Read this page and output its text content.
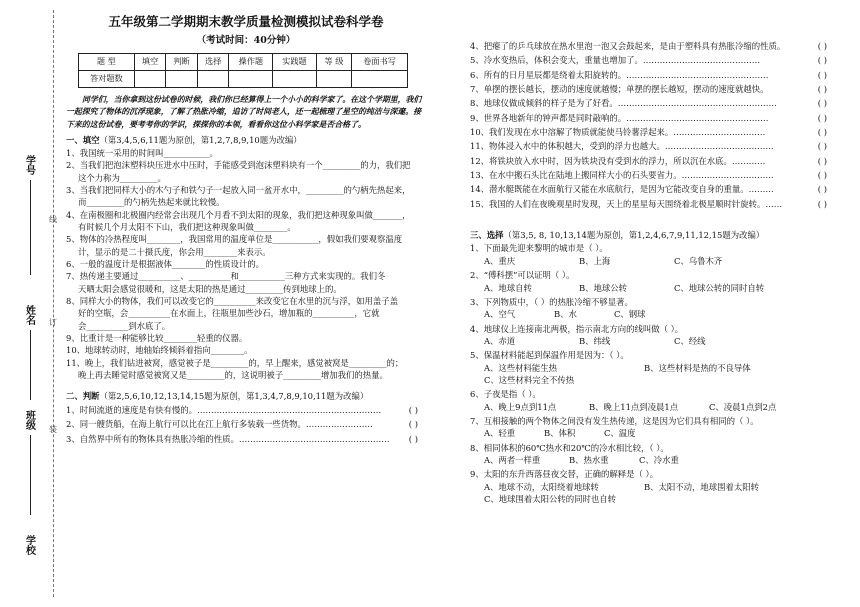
学号
姓名
班级
学校
线
订
装
五年级第二学期期末教学质量检测模拟试卷科学卷
（考试时间：40分钟）
题 型	填空	判断	选择	操作题	实践题	等 级	卷面书写
答对题数							
同学们，当你拿到这份试卷的时候，我们你已经算得上一个小小的科学家了。在这个学期里，我们一起探究了物体的沉浮现象，了解了热胀冷缩，追访了时间老人，还一起梳理了星空的纯洁与深邃。接下来的这份试卷，要考考你的学识，探探你的本领，看看你这位小科学家是否合格了。
一、填空（第3,4,5,6,11题为原创，第1,2,7,8,9,10题为改编）
1、我国统一采用的时间叫___________。
2、当我们把泡沫塑料块压进水中压时，手能感受到泡沫塑料块有一个_________的力，我们把
这个力称为_________。
3、当我们把同样大小的木勺子和铁勺子一起放入同一盆开水中，_________的勺柄先热起来，
而_________的勺柄先热起来就比较慢。
4、在南极圈和北极圈内经常会出现几个月看不到太阳的现象，我们把这种现象叫做_______，
有时候几个月太阳不下山，我们把这种现象叫做________。
5、物体的冷热程度叫________，我国常用的温度单位是___________，假如我们要观察温度
计，显示的是二十摄氏度，你会用________来表示。
6、一般的温度计是根据液体________的性质设计的。
7、热传递主要通过__________、__________和___________三种方式来实现的。我们冬
天晒太阳会感觉很暖和，这是太阳的热是通过_________传到地球上的。
8、同样大小的物体，我们可以改变它的__________来改变它在水里的沉与浮，如用盖子盖
好的空瓶，会__________在水面上，往瓶里加些沙石，增加瓶的__________，它就
会__________到水底了。
9、比重计是一种能够比较________轻重的仪器。
10、地球转动时，地轴始终倾斜着指向________。
11、晚上，我们钻进被窝，感觉被子是_________的，早上醒来，感觉被窝是_________的；
晚上再去睡觉时感觉被窝又是_________的，这说明被子_________增加我们的热量。
二、判断（第2,5,6,10,12,13,14,15题为原创，第1,3,4,7,8,9,10,11题为改编）
1、时间流逝的速度是有快有慢的。…………………………………………………………	( )
2、同一艘货船，在海上航行可以比在江上航行多装载一些货物。……………………	( )
3、自然界中所有的物体具有热胀冷缩的性质。……………………………………………… ( )
4、把瘪了的乒乓球放在热水里泡一泡又会鼓起来，是由于塑料具有热胀冷缩的性质。	( )
5、冷水变热后，体积会变大，重量也增加了。……………………………………	( )
6、所有的日月星辰都是绕着太阳旋转的。……………………………………………	( )
7、单摆的摆长越长，摆动的速度就越慢；单摆的摆长越短，摆动的速度就越快。	( )
8、地球仪做成倾斜的样子是为了好看。…………………………………………………	( )
9、世界各地新年的钟声都是同时敲响的。……………………………………………	( )
10、我们发现在水中溶解了物质就能使马铃薯浮起来。……………………………	( )
11、物体浸入水中的体积越大，受到的浮力也越大。…………………………………	( )
12、将铁块放入水中时，因为铁块没有受到水的浮力，所以沉在水底。…………	( )
13、在水中搬石头比在陆地上搬同样大小的石头要省力。……………………………	( )
14、潜水艇既能在水面航行又能在水底航行，是因为它能改变自身的重量。………	( )
15、我国的人们在夜晚观星时发现，天上的星星每天围绕着北极星顺时针旋转。……	( )
三、选择（第3,5, 8, 10,13,14题为原创，第1,2,4,6,7,9,11,12,15题为改编）
1、下面最先迎来黎明的城市是（ ）。
A、重庆	B、上海	C、乌鲁木齐
2、“傅科摆”可以证明（ ）。
A、地球自转	B、地球公转	C、地球公转的同时自转
3、下列物质中，（ ）的热胀冷缩不够显著。
A、空气	B、水	C、钢球
4、地球仪上连接南北两极，指示南北方向的线叫做（ ）。
A、赤道	B、纬线	C、经线
5、保温材料能起到保温作用是因为：（ ）。
A、这些材料能生热	B、这些材料是热的不良导体
C、这些材料完全不传热
6、子夜是指（ ）。
A、晚上9点到11点	B、晚上11点到凌晨1点	C、凌晨1点到2点
7、互相接触的两个物体之间没有发生热传递，这是因为它们具有相同的（ ）。
A、轻重	B、体积	C、温度
8、相同体积的60℃热水和20℃的冷水相比较，（ ）。
A、两者一样重	B、热水重	C、冷水重
9、太阳的东升西落昼夜交替，正确的解释是（ ）。
A、地球不动，太阳绕着地球转	B、太阳不动，地球围着太阳转
C、地球围着太阳公转的同时也自转
